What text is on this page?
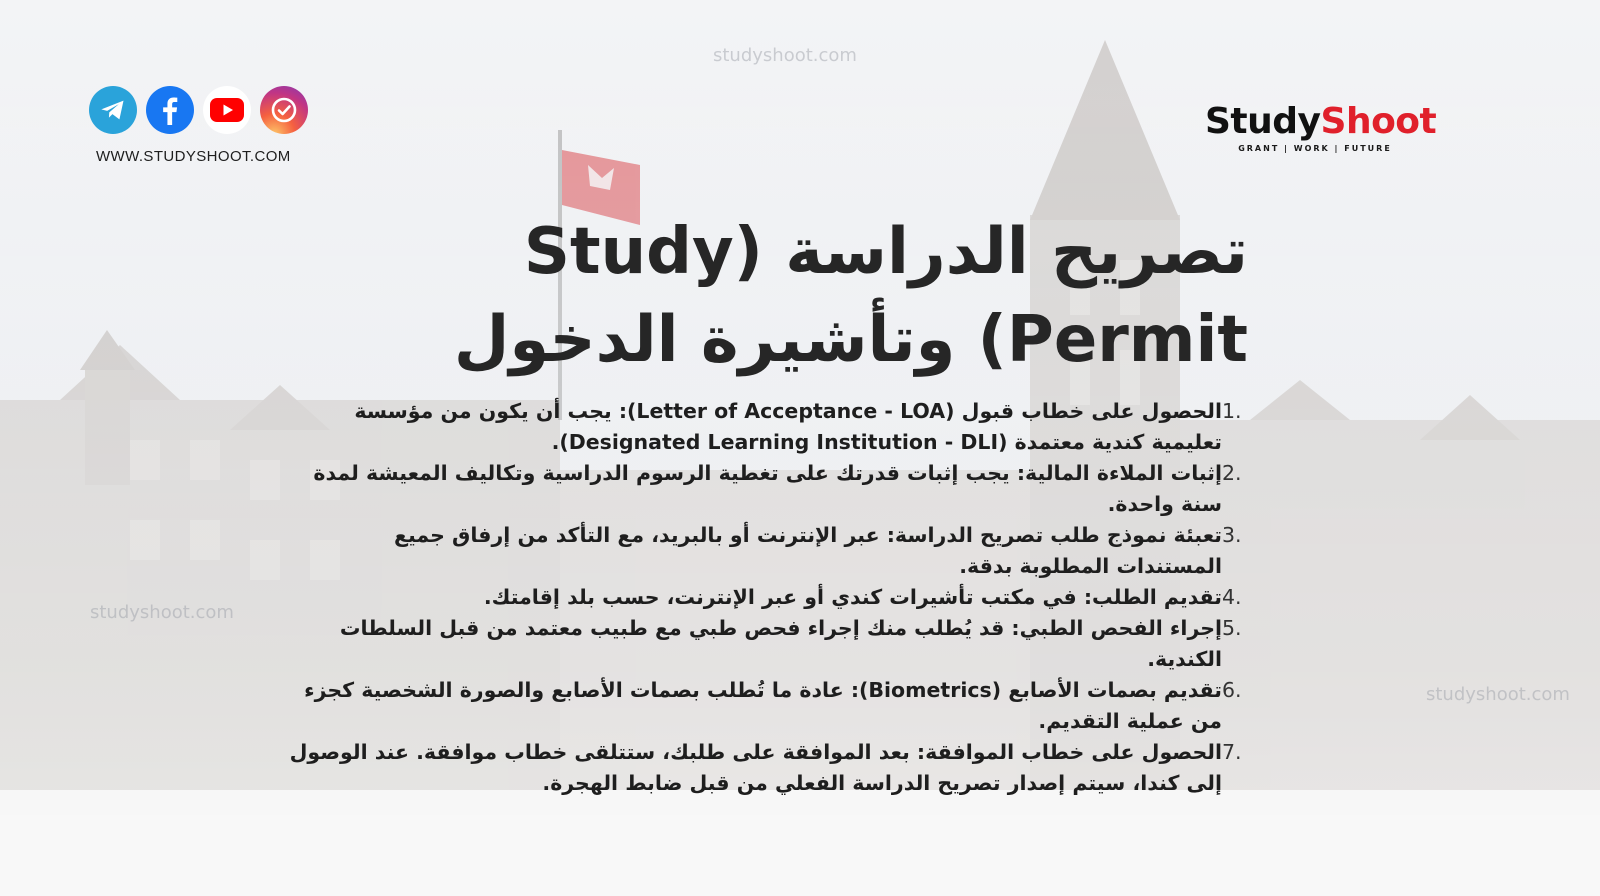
studyshoot.com
studyshoot.com
studyshoot.com
WWW.STUDYSHOOT.COM
StudyShoot
GRANT | WORK | FUTURE
تصريح الدراسة (Study Permit) وتأشيرة الدخول
1.
الحصول على خطاب قبول (Letter of Acceptance - LOA): يجب أن يكون من مؤسسة تعليمية كندية معتمدة (Designated Learning Institution - DLI).
2.
إثبات الملاءة المالية: يجب إثبات قدرتك على تغطية الرسوم الدراسية وتكاليف المعيشة لمدة سنة واحدة.
3.
تعبئة نموذج طلب تصريح الدراسة: عبر الإنترنت أو بالبريد، مع التأكد من إرفاق جميع المستندات المطلوبة بدقة.
4.
تقديم الطلب: في مكتب تأشيرات كندي أو عبر الإنترنت، حسب بلد إقامتك.
5.
إجراء الفحص الطبي: قد يُطلب منك إجراء فحص طبي مع طبيب معتمد من قبل السلطات الكندية.
6.
تقديم بصمات الأصابع (Biometrics): عادة ما تُطلب بصمات الأصابع والصورة الشخصية كجزء من عملية التقديم.
7.
الحصول على خطاب الموافقة: بعد الموافقة على طلبك، ستتلقى خطاب موافقة. عند الوصول إلى كندا، سيتم إصدار تصريح الدراسة الفعلي من قبل ضابط الهجرة.
